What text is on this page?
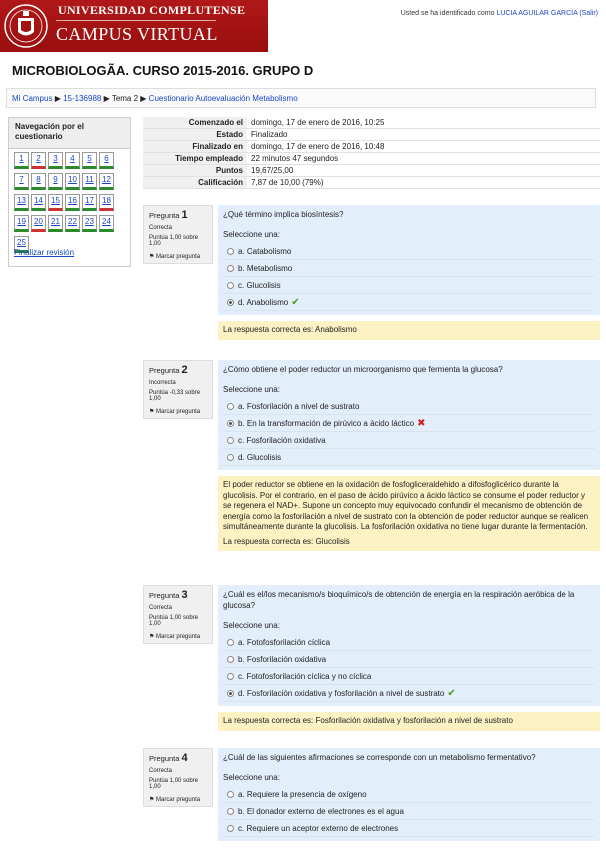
UNIVERSIDAD COMPLUTENSE
CAMPUS VIRTUAL
Usted se ha identificado como LUCIA AGUILAR GARCIA (Salir)
MICROBIOLOGÃA. CURSO 2015-2016. GRUPO D
Mi Campus ▶ 15-136988 ▶ Tema 2 ▶ Cuestionario Autoevaluación Metabolismo
Navegación por el cuestionario
1 2 3 4 5 6
7 8 9 10 11 12
13 14 15 16 17 18
19 20 21 22 23 24
25
Finalizar revisión
Comenzado el	domingo, 17 de enero de 2016, 10:25
Estado	Finalizado
Finalizado en	domingo, 17 de enero de 2016, 10:48
Tiempo empleado	22 minutos 47 segundos
Puntos	19,67/25,00
Calificación	7,87 de 10,00 (79%)
Pregunta 1
Correcta
Puntúa 1,00 sobre 1,00
⚑ Marcar pregunta
¿Qué término implica biosíntesis?
Seleccione una:
a. Catabolismo
b. Metabolismo
c. Glucolisis
d. Anabolismo ✔
La respuesta correcta es: Anabolismo
Pregunta 2
Incorrecta
Puntúa -0,33 sobre 1,00
⚑ Marcar pregunta
¿Cómo obtiene el poder reductor un microorganismo que fermenta la glucosa?
Seleccione una:
a. Fosforilación a nivel de sustrato
b. En la transformación de pirúvico a ácido láctico ✖
c. Fosforilación oxidativa
d. Glucolisis
El poder reductor se obtiene en la oxidación de fosfogliceraldehido a difosfoglicérico durante la glucolisis. Por el contrario, en el paso de ácido pirúvico a ácido láctico se consume el poder reductor y se regenera el NAD+. Supone un concepto muy equivocado confundir el mecanismo de obtención de energía como la fosforilación a nivel de sustrato con la obtención de poder reductor aunque se realicen simultáneamente durante la glucolisis. La fosforilación oxidativa no tiene lugar durante la fermentación.
La respuesta correcta es: Glucolisis
Pregunta 3
Correcta
Puntúa 1,00 sobre 1,00
⚑ Marcar pregunta
¿Cuál es el/los mecanismo/s bioquímico/s de obtención de energía en la respiración aeróbica de la glucosa?
Seleccione una:
a. Fotofosforilación cíclica
b. Fosforilación oxidativa
c. Fotofosforilación cíclica y no cíclica
d. Fosforilación oxidativa y fosforilación a nivel de sustrato ✔
La respuesta correcta es: Fosforilación oxidativa y fosforilación a nivel de sustrato
Pregunta 4
Correcta
Puntúa 1,00 sobre 1,00
⚑ Marcar pregunta
¿Cuál de las siguientes afirmaciones se corresponde con un metabolismo fermentativo?
Seleccione una:
a. Requiere la presencia de oxígeno
b. El donador externo de electrones es el agua
c. Requiere un aceptor externo de electrones
